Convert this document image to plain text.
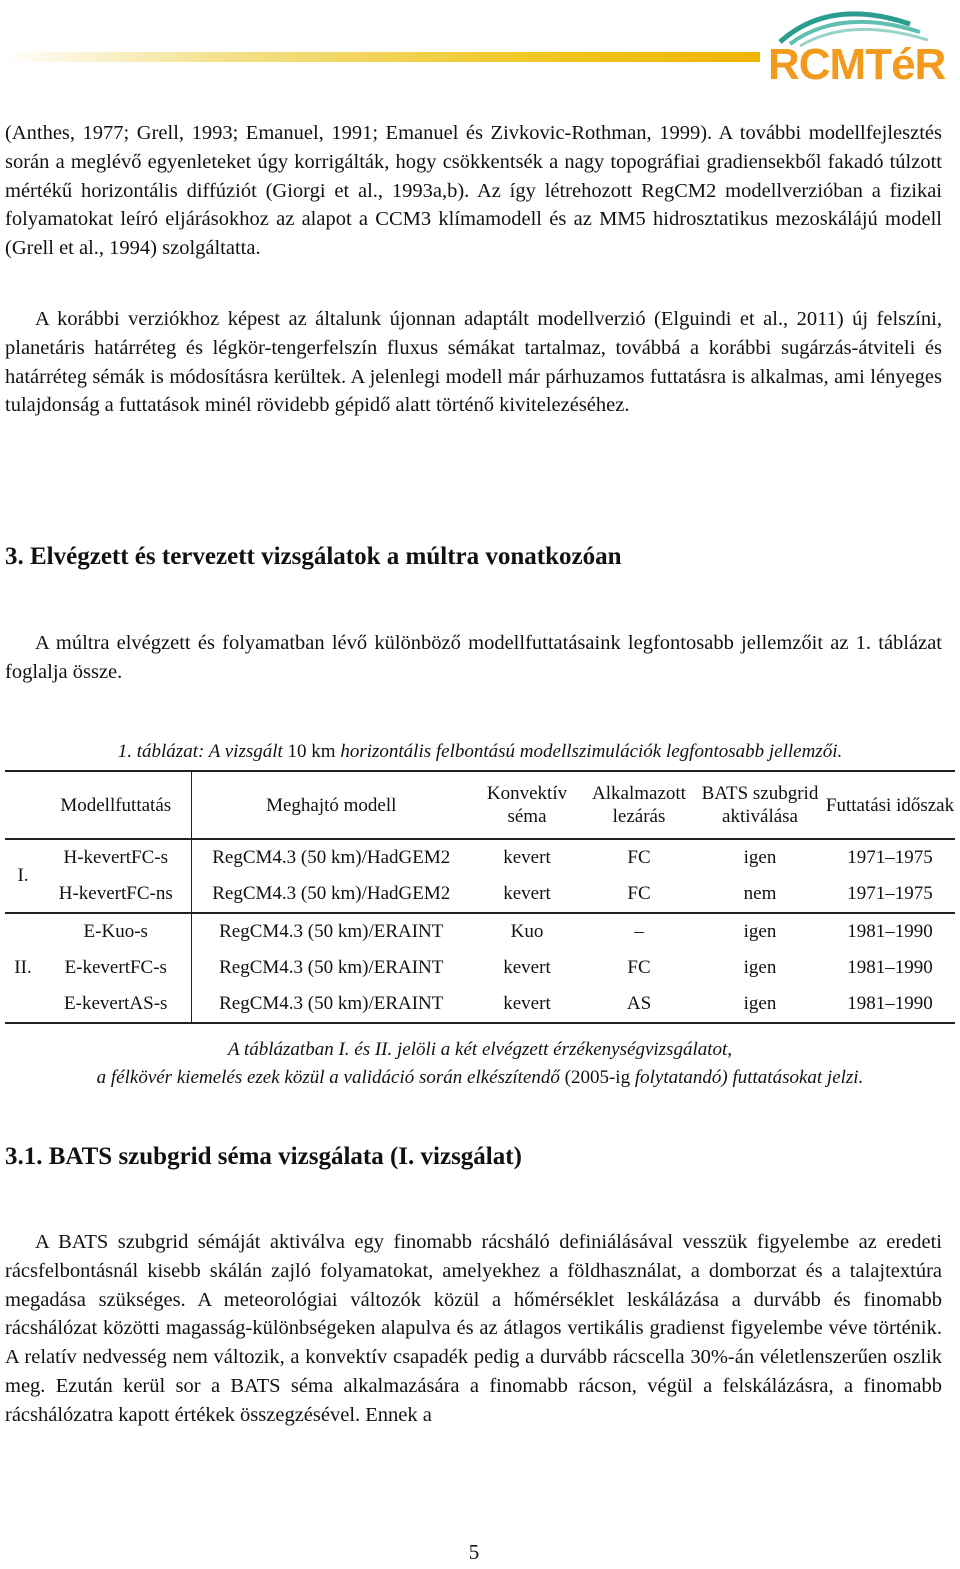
RCMTéR
(Anthes, 1977; Grell, 1993; Emanuel, 1991; Emanuel és Zivkovic-Rothman, 1999). A további modellfejlesztés során a meglévő egyenleteket úgy korrigálták, hogy csökkentsék a nagy topográfiai gradiensekből fakadó túlzott mértékű horizontális diffúziót (Giorgi et al., 1993a,b). Az így létrehozott RegCM2 modellverzióban a fizikai folyamatokat leíró eljárásokhoz az alapot a CCM3 klímamodell és az MM5 hidrosztatikus mezoskálájú modell (Grell et al., 1994) szolgáltatta.
A korábbi verziókhoz képest az általunk újonnan adaptált modellverzió (Elguindi et al., 2011) új felszíni, planetáris határréteg és légkör-tengerfelszín fluxus sémákat tartalmaz, továbbá a korábbi sugárzás-átviteli és határréteg sémák is módosításra kerültek. A jelenlegi modell már párhuzamos futtatásra is alkalmas, ami lényeges tulajdonság a futtatások minél rövidebb gépidő alatt történő kivitelezéséhez.
3. Elvégzett és tervezett vizsgálatok a múltra vonatkozóan
A múltra elvégzett és folyamatban lévő különböző modellfuttatásaink legfontosabb jellemzőit az 1. táblázat foglalja össze.
1. táblázat: A vizsgált 10 km horizontális felbontású modellszimulációk legfontosabb jellemzői.
	Modellfuttatás	Meghajtó modell	Konvektív séma	Alkalmazott lezárás	BATS szubgrid aktiválása	Futtatási időszak
I.	H-kevertFC-s	RegCM4.3 (50 km)/HadGEM2	kevert	FC	igen	1971–1975
	H-kevertFC-ns	RegCM4.3 (50 km)/HadGEM2	kevert	FC	nem	1971–1975
II.	E-Kuo-s	RegCM4.3 (50 km)/ERAINT	Kuo	–	igen	1981–1990
	E-kevertFC-s	RegCM4.3 (50 km)/ERAINT	kevert	FC	igen	1981–1990
	E-kevertAS-s	RegCM4.3 (50 km)/ERAINT	kevert	AS	igen	1981–1990
A táblázatban I. és II. jelöli a két elvégzett érzékenységvizsgálatot,
a félkövér kiemelés ezek közül a validáció során elkészítendő (2005-ig folytatandó) futtatásokat jelzi.
3.1. BATS szubgrid séma vizsgálata (I. vizsgálat)
A BATS szubgrid sémáját aktiválva egy finomabb rácsháló definiálásával vesszük figyelembe az eredeti rácsfelbontásnál kisebb skálán zajló folyamatokat, amelyekhez a földhasználat, a domborzat és a talajtextúra megadása szükséges. A meteorológiai változók közül a hőmérséklet leskálázása a durvább és finomabb rácshálózat közötti magasság-különbségeken alapulva és az átlagos vertikális gradienst figyelembe véve történik. A relatív nedvesség nem változik, a konvektív csapadék pedig a durvább rácscella 30%-án véletlenszerűen oszlik meg. Ezután kerül sor a BATS séma alkalmazására a finomabb rácson, végül a felskálázásra, a finomabb rácshálózatra kapott értékek összegzésével. Ennek a
5
